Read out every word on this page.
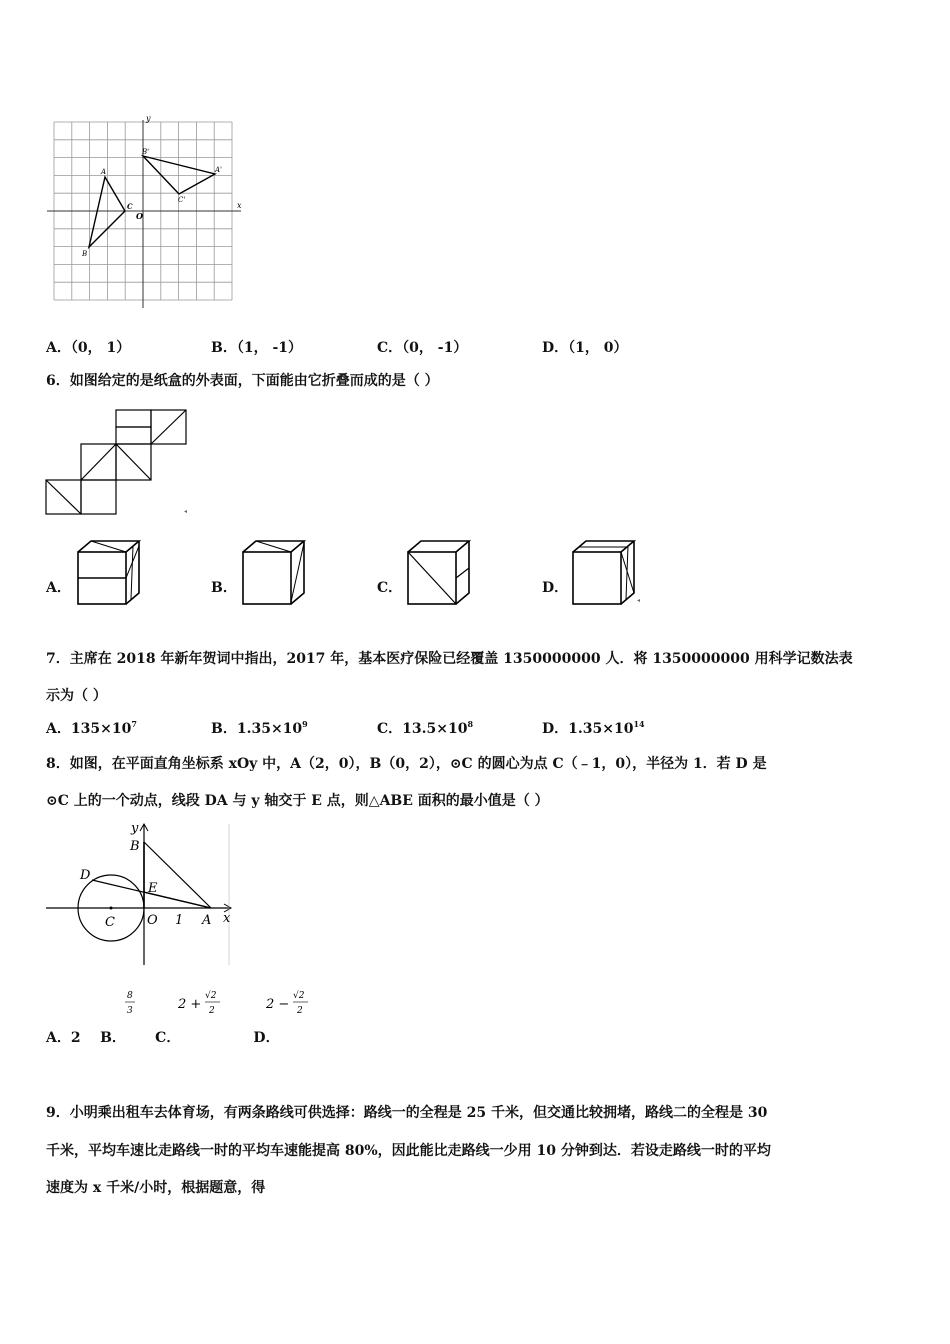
y
x
O
A
B
C
A'
B'
C'
A．（0， 1）	B．（1， -1）	C．（0， -1）	D．（1， 0）
6．如图给定的是纸盒的外表面，下面能由它折叠而成的是（ ）
◂
A．	B．	C．	D．
◂
7．主席在 2018 年新年贺词中指出，2017 年，基本医疗保险已经覆盖 1350000000 人．将 1350000000 用科学记数法表
示为（ ）
A．$135\times 10^7$	B．$1.35\times 10^9$	C．$13.5\times 10^8$	D．$1.35\times 10^{14}$
8．如图，在平面直角坐标系 xOy 中，A（2，0），B（0，2），⊙C 的圆心为点 C（﹣1，0），半径为 1．若 D 是
⊙C 上的一个动点，线段 DA 与 y 轴交于 E 点，则△ABE 面积的最小值是（ ）
y
x
B
D
E
C O 1 A
8
3	2 +
√2
2	2 −
√2
2
A．2    B．      C．               D．
9．小明乘出租车去体育场，有两条路线可供选择：路线一的全程是 25 千米，但交通比较拥堵，路线二的全程是 30
千米，平均车速比走路线一时的平均车速能提高 80%，因此能比走路线一少用 10 分钟到达．若设走路线一时的平均
速度为 x 千米/小时，根据题意，得
